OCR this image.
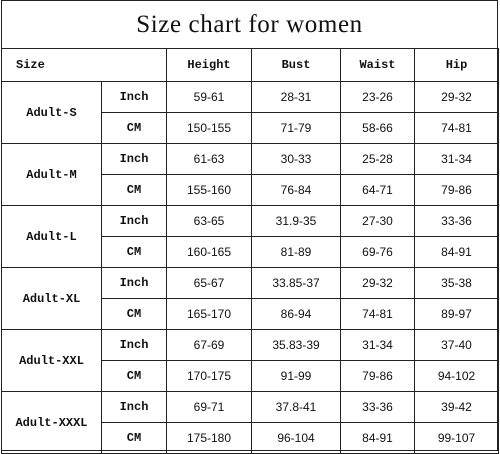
Size chart for women
Size		Height	Bust	Waist	Hip
Adult-S	Inch	59-61	28-31	23-26	29-32
	CM	150-155	71-79	58-66	74-81
Adult-M	Inch	61-63	30-33	25-28	31-34
	CM	155-160	76-84	64-71	79-86
Adult-L	Inch	63-65	31.9-35	27-30	33-36
	CM	160-165	81-89	69-76	84-91
Adult-XL	Inch	65-67	33.85-37	29-32	35-38
	CM	165-170	86-94	74-81	89-97
Adult-XXL	Inch	67-69	35.83-39	31-34	37-40
	CM	170-175	91-99	79-86	94-102
Adult-XXXL	Inch	69-71	37.8-41	33-36	39-42
	CM	175-180	96-104	84-91	99-107
